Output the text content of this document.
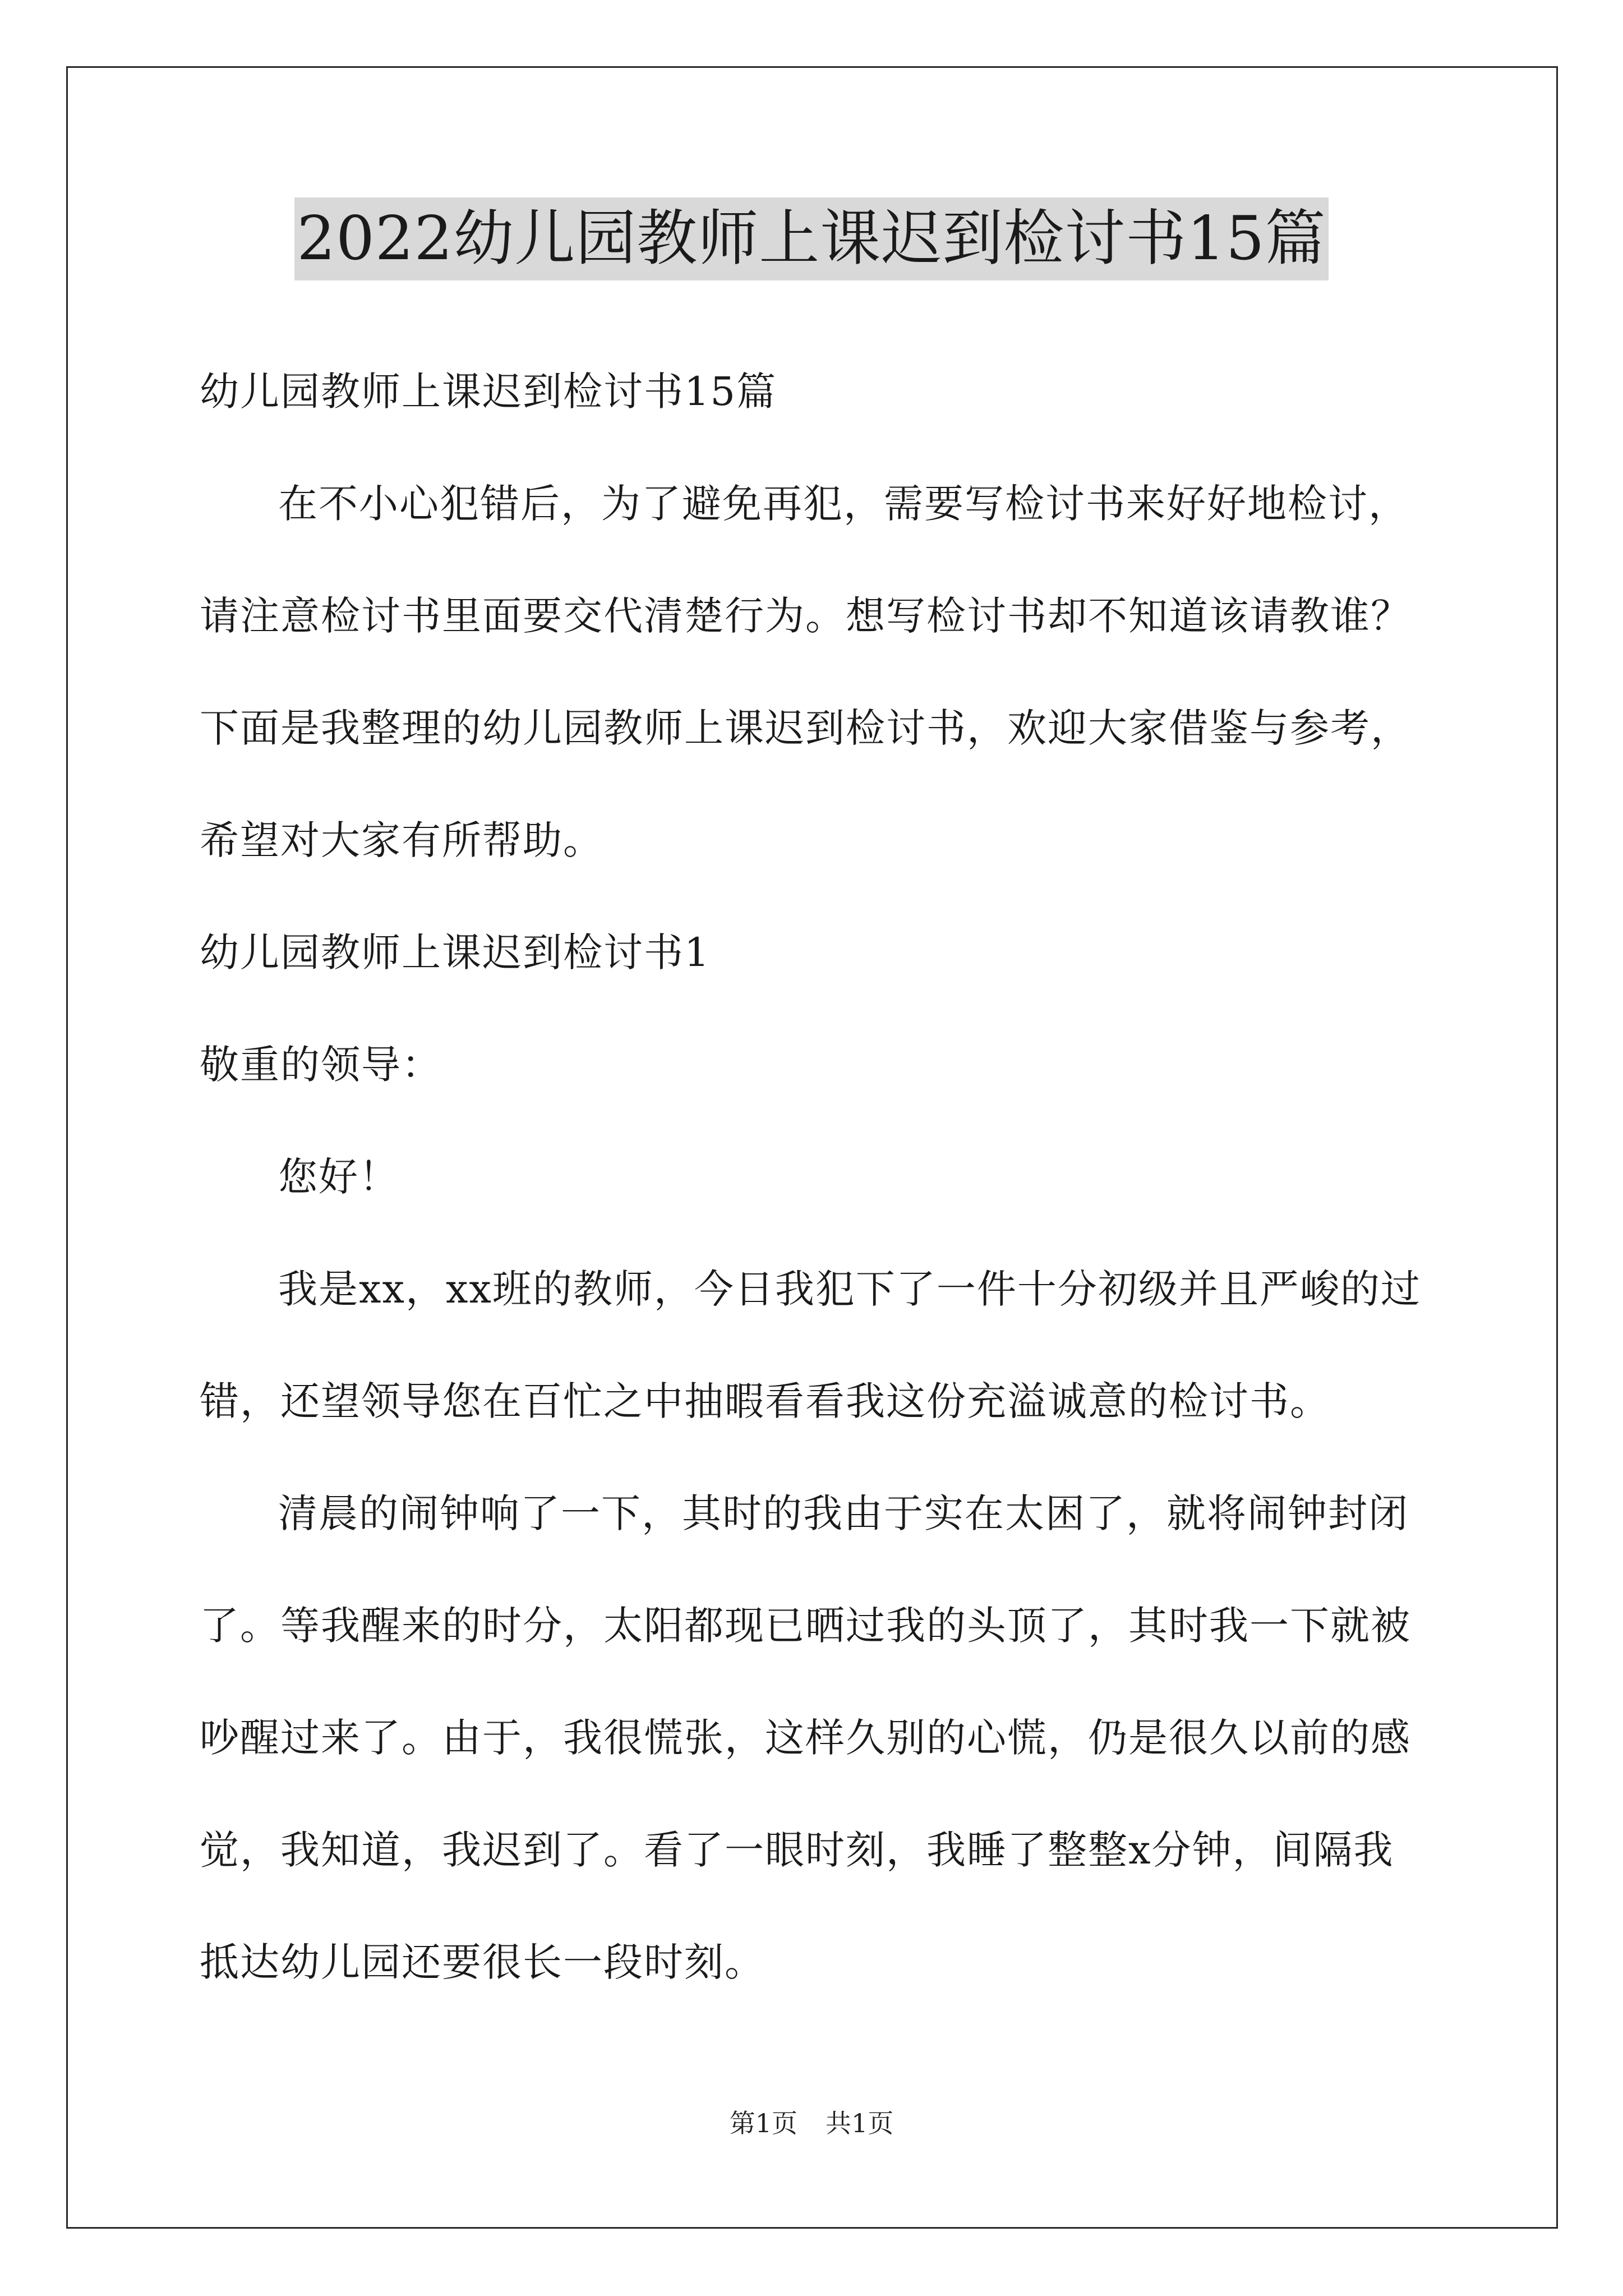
2022幼儿园教师上课迟到检讨书15篇

幼儿园教师上课迟到检讨书15篇

在不小心犯错后，为了避免再犯，需要写检讨书来好好地检讨，请注意检讨书里面要交代清楚行为。想写检讨书却不知道该请教谁？下面是我整理的幼儿园教师上课迟到检讨书，欢迎大家借鉴与参考，希望对大家有所帮助。

幼儿园教师上课迟到检讨书1

敬重的领导：

您好！

我是xx，xx班的教师，今日我犯下了一件十分初级并且严峻的过错，还望领导您在百忙之中抽暇看看我这份充溢诚意的检讨书。

清晨的闹钟响了一下，其时的我由于实在太困了，就将闹钟封闭了。等我醒来的时分，太阳都现已晒过我的头顶了，其时我一下就被吵醒过来了。由于，我很慌张，这样久别的心慌，仍是很久以前的感觉，我知道，我迟到了。看了一眼时刻，我睡了整整x分钟，间隔我抵达幼儿园还要很长一段时刻。

第1页 共1页
